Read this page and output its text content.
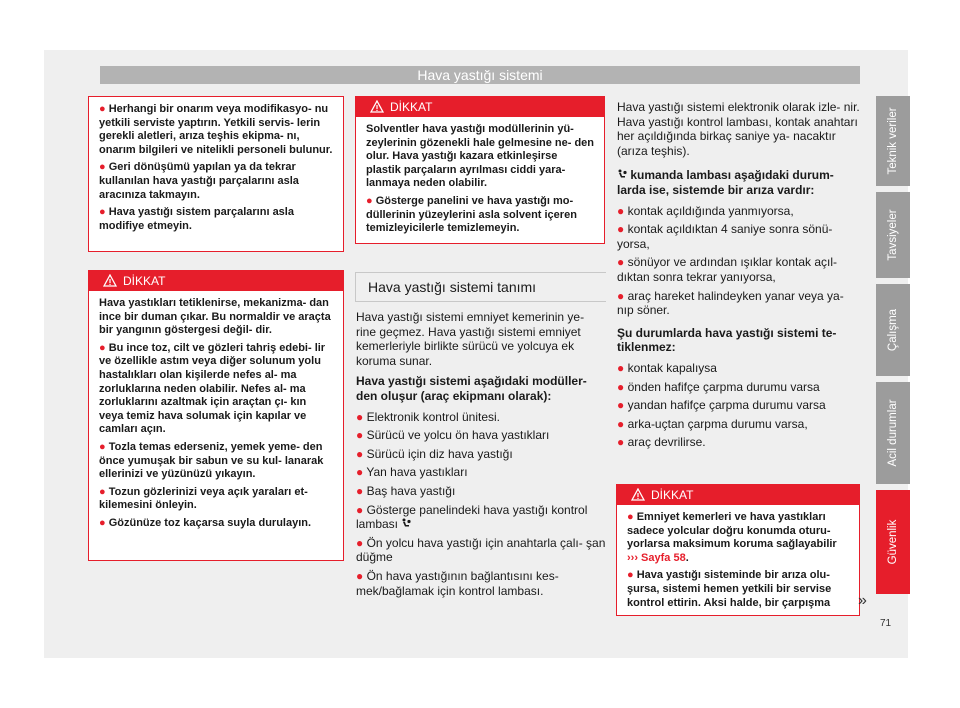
Hava yastığı sistemi

● Herhangi bir onarım veya modifikasyo- nu yetkili serviste yaptırın. Yetkili servis- lerin gerekli aletleri, arıza teşhis ekipma- nı, onarım bilgileri ve nitelikli personeli bulunur.

● Geri dönüşümü yapılan ya da tekrar kullanılan hava yastığı parçalarını asla aracınıza takmayın.

● Hava yastığı sistem parçalarını asla modifiye etmeyin.

DİKKAT

Hava yastıkları tetiklenirse, mekanizma- dan ince bir duman çıkar. Bu normaldir ve araçta bir yangının göstergesi değil- dir.

● Bu ince toz, cilt ve gözleri tahriş edebi- lir ve özellikle astım veya diğer solunum yolu hastalıkları olan kişilerde nefes al- ma zorluklarına neden olabilir. Nefes al- ma zorluklarını azaltmak için araçtan çı- kın veya temiz hava solumak için kapılar ve camları açın.

● Tozla temas ederseniz, yemek yeme- den önce yumuşak bir sabun ve su kul- lanarak ellerinizi ve yüzünüzü yıkayın.

● Tozun gözlerinizi veya açık yaraları et- kilemesini önleyin.

● Gözünüze toz kaçarsa suyla durulayın.

DİKKAT

Solventler hava yastığı modüllerinin yü- zeylerinin gözenekli hale gelmesine ne- den olur. Hava yastığı kazara etkinleşirse plastik parçaların ayrılması ciddi yara- lanmaya neden olabilir.

● Gösterge panelini ve hava yastığı mo- düllerinin yüzeylerini asla solvent içeren temizleyicilerle temizlemeyin.

Hava yastığı sistemi tanımı

Hava yastığı sistemi emniyet kemerinin ye- rine geçmez. Hava yastığı sistemi emniyet kemerleriyle birlikte sürücü ve yolcuya ek koruma sunar.

Hava yastığı sistemi aşağıdaki modüller- den oluşur (araç ekipmanı olarak):

● Elektronik kontrol ünitesi.

● Sürücü ve yolcu ön hava yastıkları

● Sürücü için diz hava yastığı

● Yan hava yastıkları

● Baş hava yastığı

● Gösterge panelindeki hava yastığı kontrol lambası

● Ön yolcu hava yastığı için anahtarla çalı- şan düğme

● Ön hava yastığının bağlantısını kes- mek/bağlamak için kontrol lambası.

Hava yastığı sistemi elektronik olarak izle- nir. Hava yastığı kontrol lambası, kontak anahtarı her açıldığında birkaç saniye ya- nacaktır (arıza teşhis).

kumanda lambası aşağıdaki durum- larda ise, sistemde bir arıza vardır:

● kontak açıldığında yanmıyorsa,

● kontak açıldıktan 4 saniye sonra sönü- yorsa,

● sönüyor ve ardından ışıklar kontak açıl- dıktan sonra tekrar yanıyorsa,

● araç hareket halindeyken yanar veya ya- nıp söner.

Şu durumlarda hava yastığı sistemi te- tiklenmez:

● kontak kapalıysa

● önden hafifçe çarpma durumu varsa

● yandan hafifçe çarpma durumu varsa

● arka-uçtan çarpma durumu varsa,

● araç devrilirse.

DİKKAT

● Emniyet kemerleri ve hava yastıkları sadece yolcular doğru konumda oturu- yorlarsa maksimum koruma sağlayabilir ››› Sayfa 58.

● Hava yastığı sisteminde bir arıza olu- şursa, sistemi hemen yetkili bir servise kontrol ettirin. Aksi halde, bir çarpışma	»
Teknik veriler
Tavsiyeler
Çalışma
Acil durumlar
Güvenlik
71
